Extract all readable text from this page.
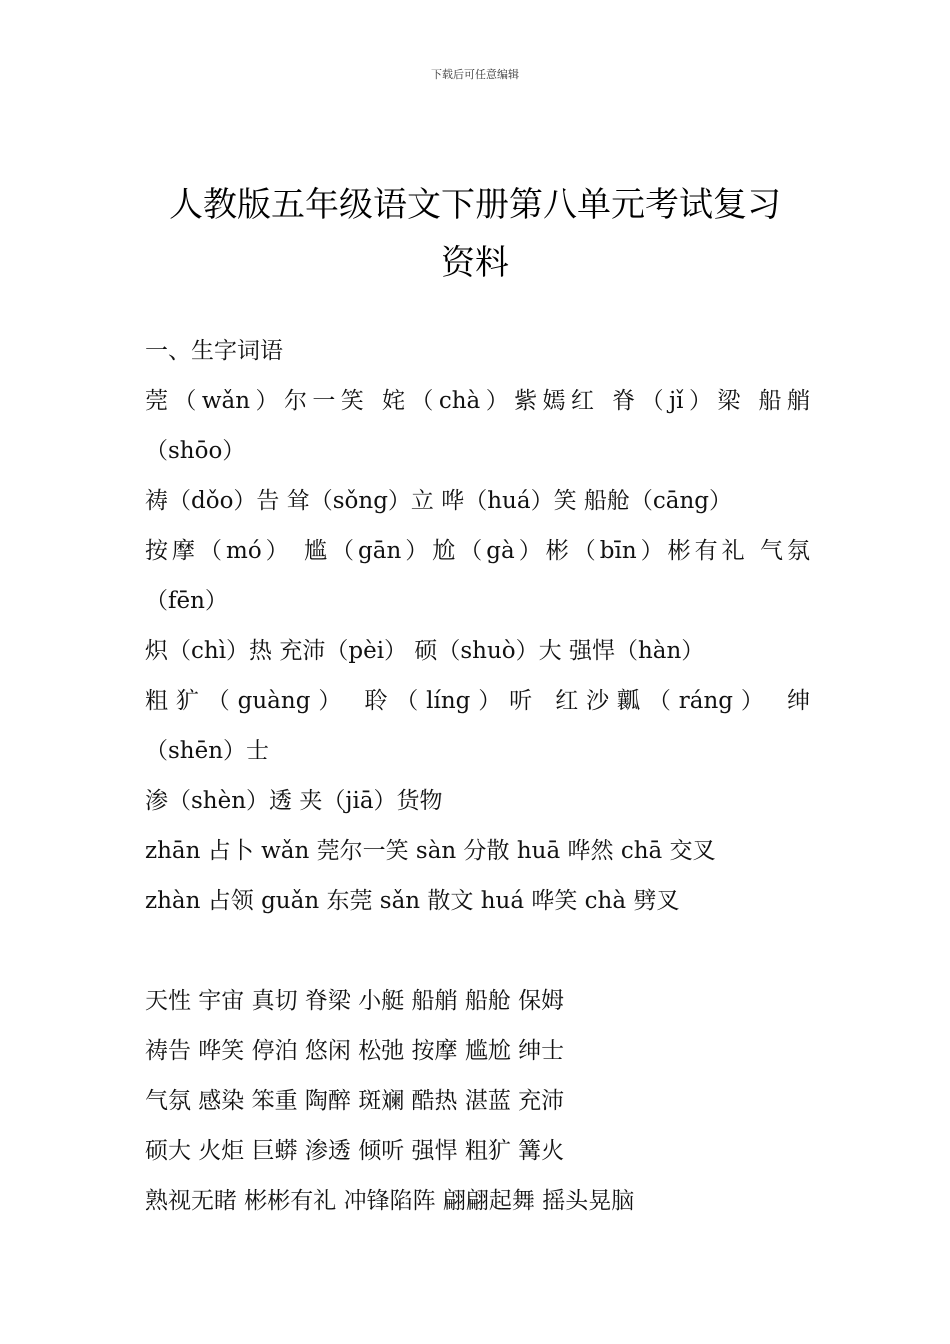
下载后可任意编辑
人教版五年级语文下册第八单元考试复习
资料
一、生字词语
莞（wǎn）尔一笑 姹（chà）紫嫣红 脊（jǐ）梁 船艄
（shōo）
祷（dǒo）告 耸（sǒng）立 哗（huá）笑 船舱（cāng）
按摩（mó） 尴（gān）尬（gà）彬（bīn）彬有礼 气氛
（fēn）
炽（chì）热 充沛（pèi） 硕（shuò）大 强悍（hàn）
粗犷（guàng） 聆（líng）听 红沙瓤（ráng） 绅
（shēn）士
渗（shèn）透 夹（jiā）货物
zhān 占卜 wǎn 莞尔一笑 sàn 分散 huā 哗然 chā 交叉
zhàn 占领 guǎn 东莞 sǎn 散文 huá 哗笑 chà 劈叉
天性 宇宙 真切 脊梁 小艇 船艄 船舱 保姆
祷告 哗笑 停泊 悠闲 松弛 按摩 尴尬 绅士
气氛 感染 笨重 陶醉 斑斓 酷热 湛蓝 充沛
硕大 火炬 巨蟒 渗透 倾听 强悍 粗犷 篝火
熟视无睹 彬彬有礼 冲锋陷阵 翩翩起舞 摇头晃脑
